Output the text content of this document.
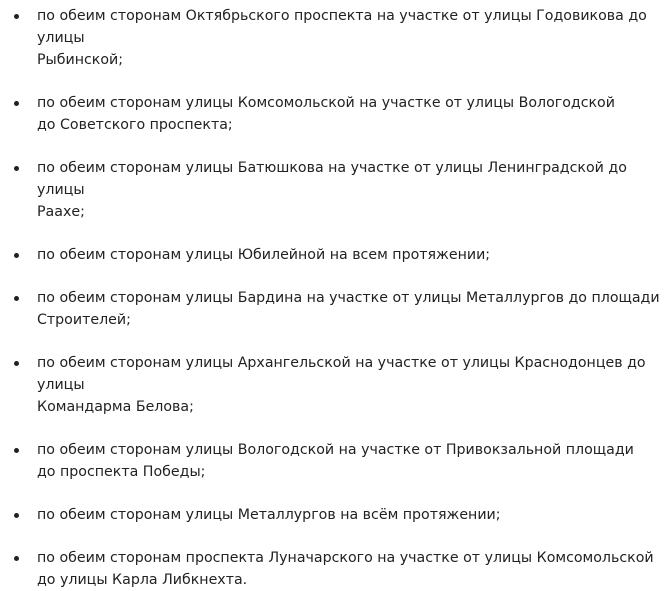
по обеим сторонам Октябрьского проспекта на участке от улицы Годовикова до улицы
Рыбинской;
по обеим сторонам улицы Комсомольской на участке от улицы Вологодской
до Советского проспекта;
по обеим сторонам улицы Батюшкова на участке от улицы Ленинградской до улицы
Раахе;
по обеим сторонам улицы Юбилейной на всем протяжении;
по обеим сторонам улицы Бардина на участке от улицы Металлургов до площади
Строителей;
по обеим сторонам улицы Архангельской на участке от улицы Краснодонцев до улицы
Командарма Белова;
по обеим сторонам улицы Вологодской на участке от Привокзальной площади
до проспекта Победы;
по обеим сторонам улицы Металлургов на всём протяжении;
по обеим сторонам проспекта Луначарского на участке от улицы Комсомольской
до улицы Карла Либкнехта.
